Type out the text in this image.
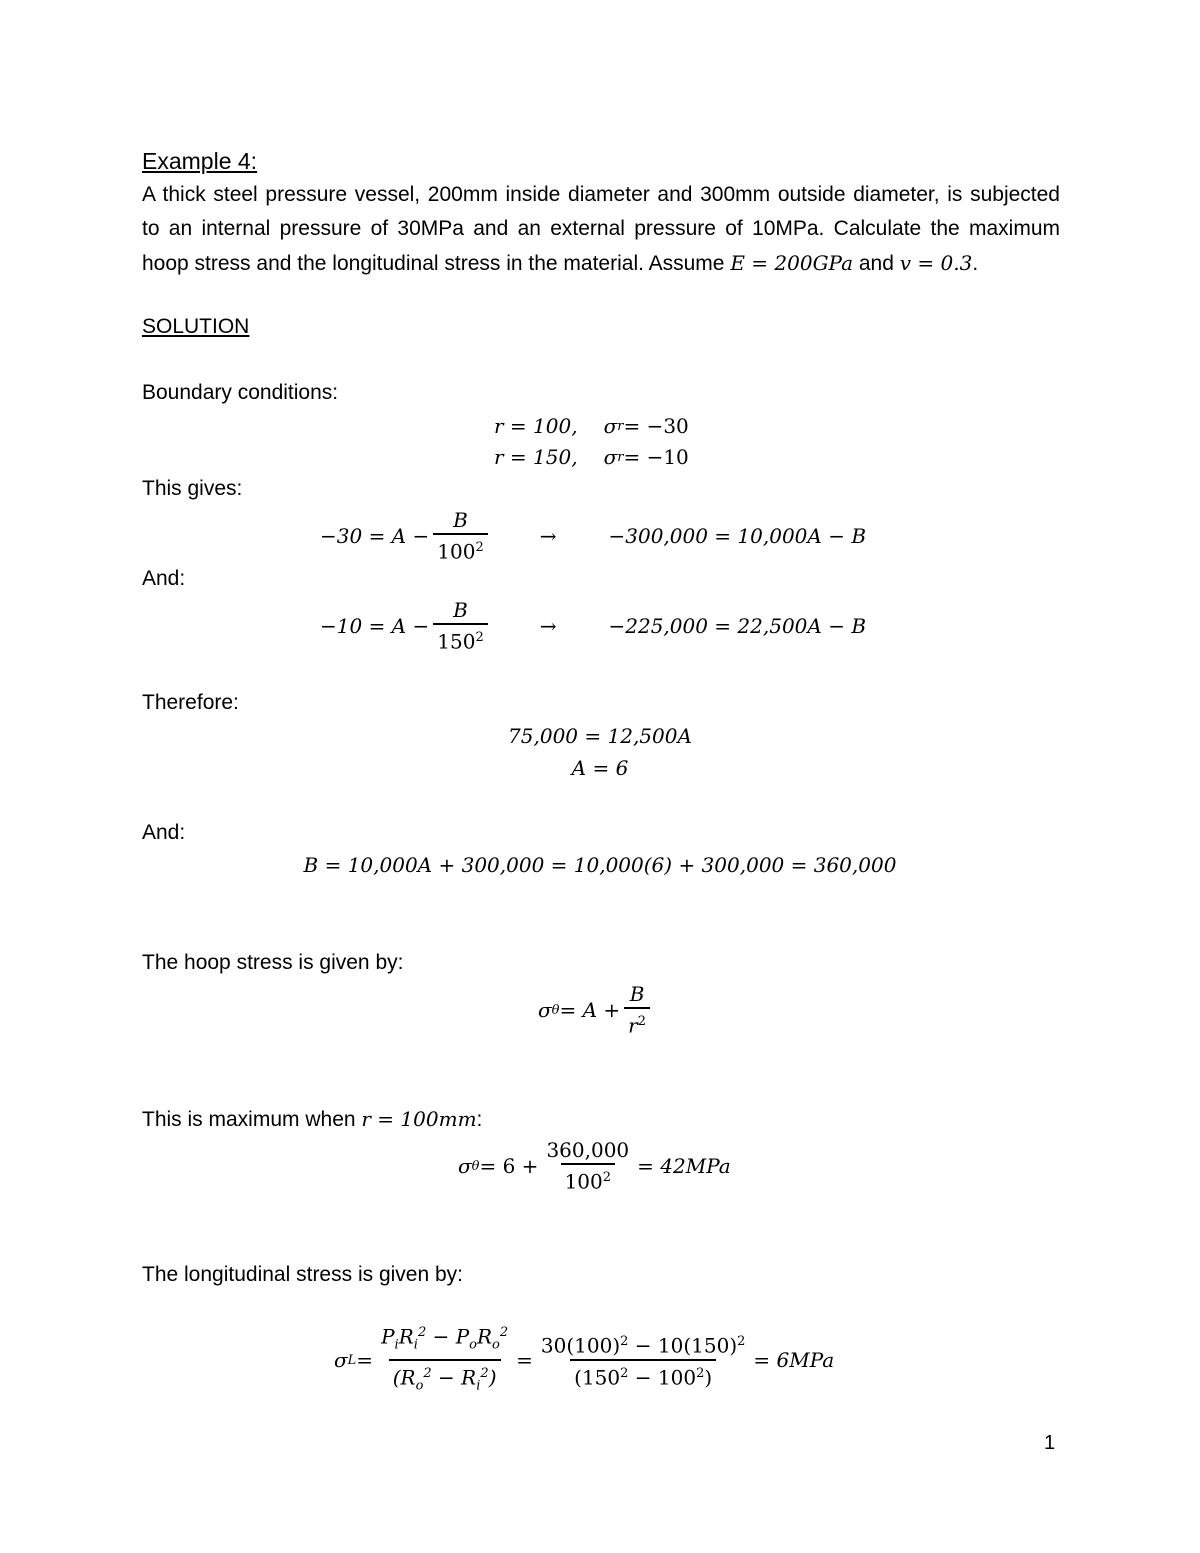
Example 4:
A thick steel pressure vessel, 200mm inside diameter and 300mm outside diameter, is subjected
to an internal pressure of 30MPa and an external pressure of 10MPa. Calculate the maximum
hoop stress and the longitudinal stress in the material. Assume E = 200GPa and v = 0.3.
SOLUTION
Boundary conditions:
r = 100, σ r = −30
r = 150, σ r = −10
This gives:
$-30 = A - \frac{B}{100^2}$	→	−300,000 = 10,000A − B
And:
$-10 = A - \frac{B}{150^2}$	→	−225,000 = 22,500A − B
Therefore:
75,000 = 12,500A
A = 6
And:
B = 10,000A + 300,000 = 10,000(6) + 300,000 = 360,000
The hoop stress is given by:
σ $\theta = A + \frac{B}{r^2}$
This is maximum when r = 100mm:
σ $\theta = 6 + \frac{360,000}{100^2} = 42MPa$
The longitudinal stress is given by:
σ $L = \frac{P_iR_i^2 - P_oR_o^2}{(R_o^2 - R_i^2)} = \frac{30(100)^2 - 10(150)^2}{(150^2 - 100^2)} = 6MPa$
1
